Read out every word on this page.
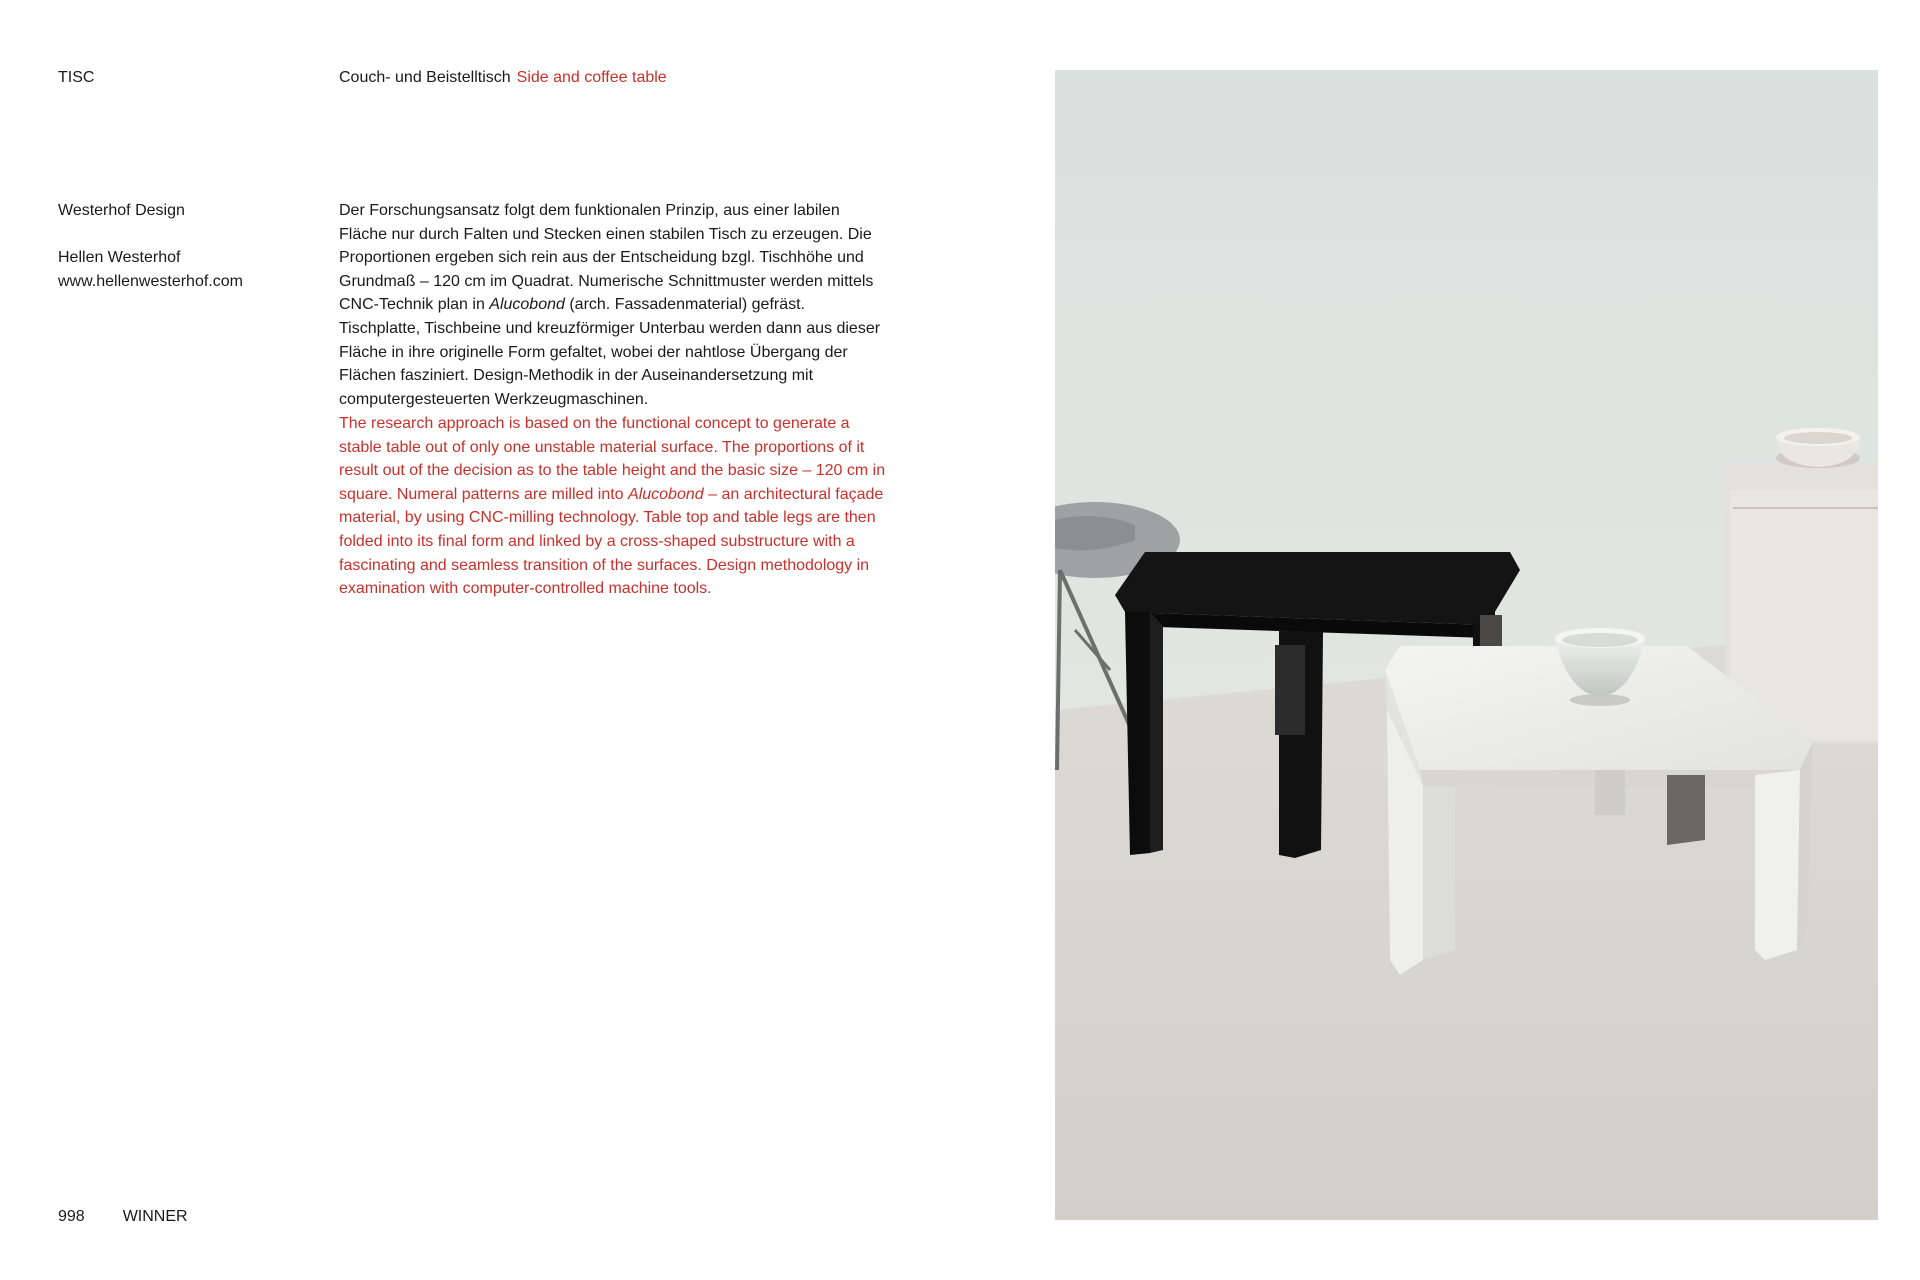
TISC	Couch- und Beistelltisch Side and coffee table
Westerhof Design
Hellen Westerhof
www.hellenwesterhof.com
Der Forschungsansatz folgt dem funktionalen Prinzip, aus einer labilen Fläche nur durch Falten und Stecken einen stabilen Tisch zu erzeugen. Die Proportionen ergeben sich rein aus der Entscheidung bzgl. Tischhöhe und Grundmaß – 120 cm im Quadrat. Numerische Schnittmuster werden mittels CNC-Technik plan in Alucobond (arch. Fassadenmaterial) gefräst. Tischplatte, Tischbeine und kreuzförmiger Unterbau werden dann aus dieser Fläche in ihre originelle Form gefaltet, wobei der nahtlose Übergang der Flächen fasziniert. Design-Methodik in der Auseinandersetzung mit computergesteuerten Werkzeugmaschinen.
The research approach is based on the functional concept to generate a stable table out of only one unstable material surface. The proportions of it result out of the decision as to the table height and the basic size – 120 cm in square. Numeral patterns are milled into Alucobond – an architectural façade material, by using CNC-milling technology. Table top and table legs are then folded into its final form and linked by a cross-shaped substructure with a fascinating and seamless transition of the surfaces. Design methodology in examination with computer-controlled machine tools.
998 WINNER
